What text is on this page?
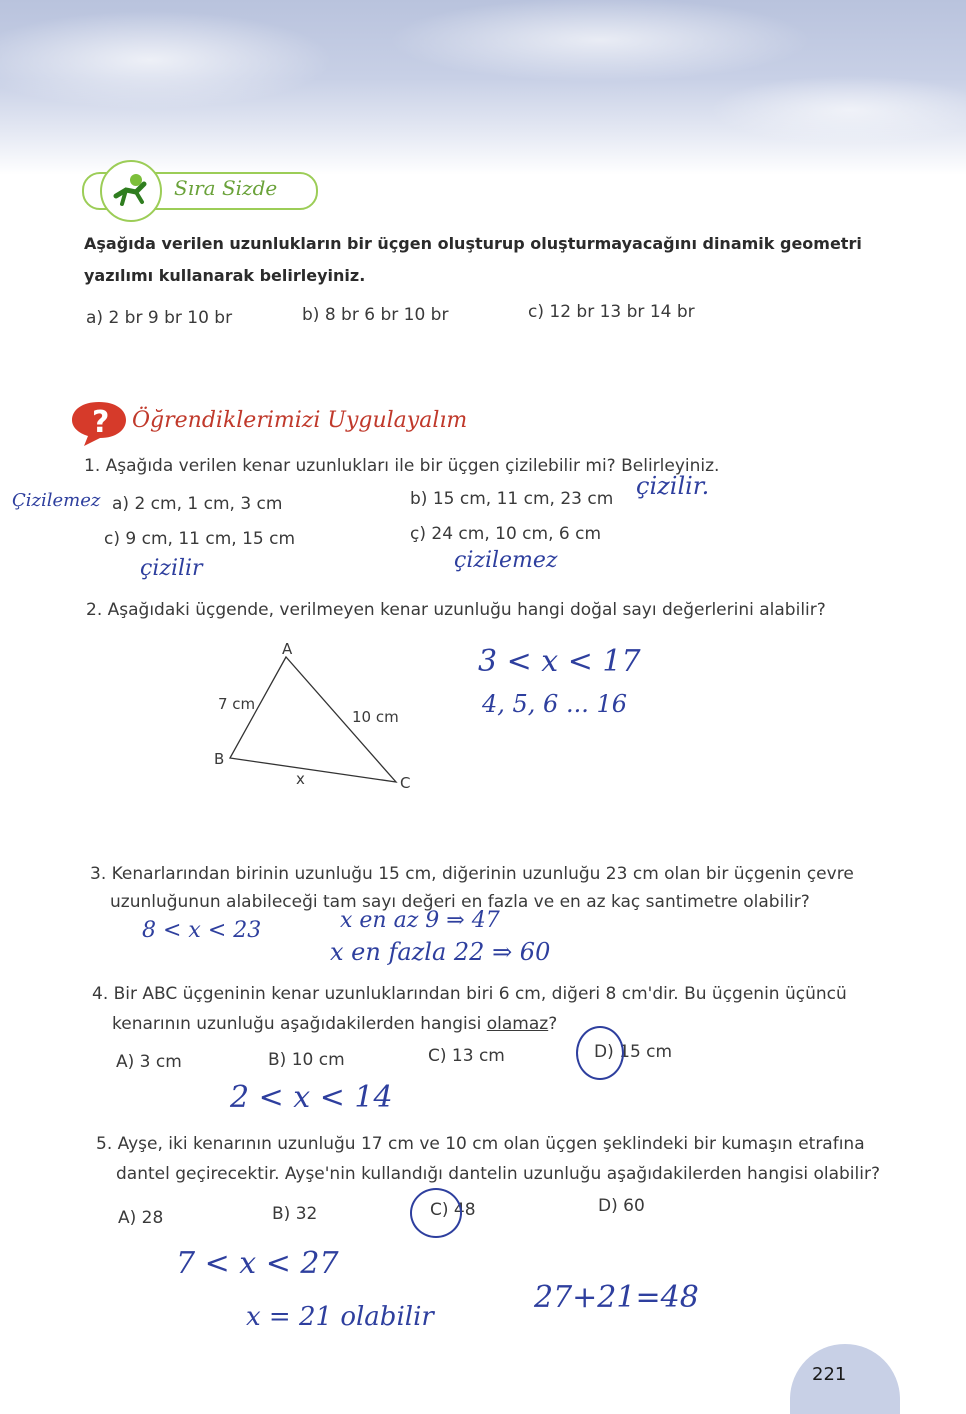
Sıra Sizde
Aşağıda verilen uzunlukların bir üçgen oluşturup oluşturmayacağını dinamik geometri
yazılımı kullanarak belirleyiniz.
a) 2 br 9 br 10 br	b) 8 br 6 br 10 br	c) 12 br 13 br 14 br
? Öğrendiklerimizi Uygulayalım
1. Aşağıda verilen kenar uzunlukları ile bir üçgen çizilebilir mi? Belirleyiniz.
Çizilemez a) 2 cm, 1 cm, 3 cm	b) 15 cm, 11 cm, 23 cm çizilir.
c) 9 cm, 11 cm, 15 cm	ç) 24 cm, 10 cm, 6 cm
çizilir	çizilemez
2. Aşağıdaki üçgende, verilmeyen kenar uzunluğu hangi doğal sayı değerlerini alabilir?
A
B
C
7 cm
10 cm
x
3 < x < 17
4, 5, 6 ... 16
3. Kenarlarından birinin uzunluğu 15 cm, diğerinin uzunluğu 23 cm olan bir üçgenin çevre
uzunluğunun alabileceği tam sayı değeri en fazla ve en az kaç santimetre olabilir?
8 < x < 23	x en az 9 ⇒ 47
x en fazla 22 ⇒ 60
4. Bir ABC üçgeninin kenar uzunluklarından biri 6 cm, diğeri 8 cm'dir. Bu üçgenin üçüncü
kenarının uzunluğu aşağıdakilerden hangisi olamaz?
A) 3 cm	B) 10 cm	C) 13 cm	D) 15 cm
2 < x < 14
5. Ayşe, iki kenarının uzunluğu 17 cm ve 10 cm olan üçgen şeklindeki bir kumaşın etrafına
dantel geçirecektir. Ayşe'nin kullandığı dantelin uzunluğu aşağıdakilerden hangisi olabilir?
A) 28	B) 32	C) 48	D) 60
7 < x < 27
x = 21 olabilir
27+21=48
221
